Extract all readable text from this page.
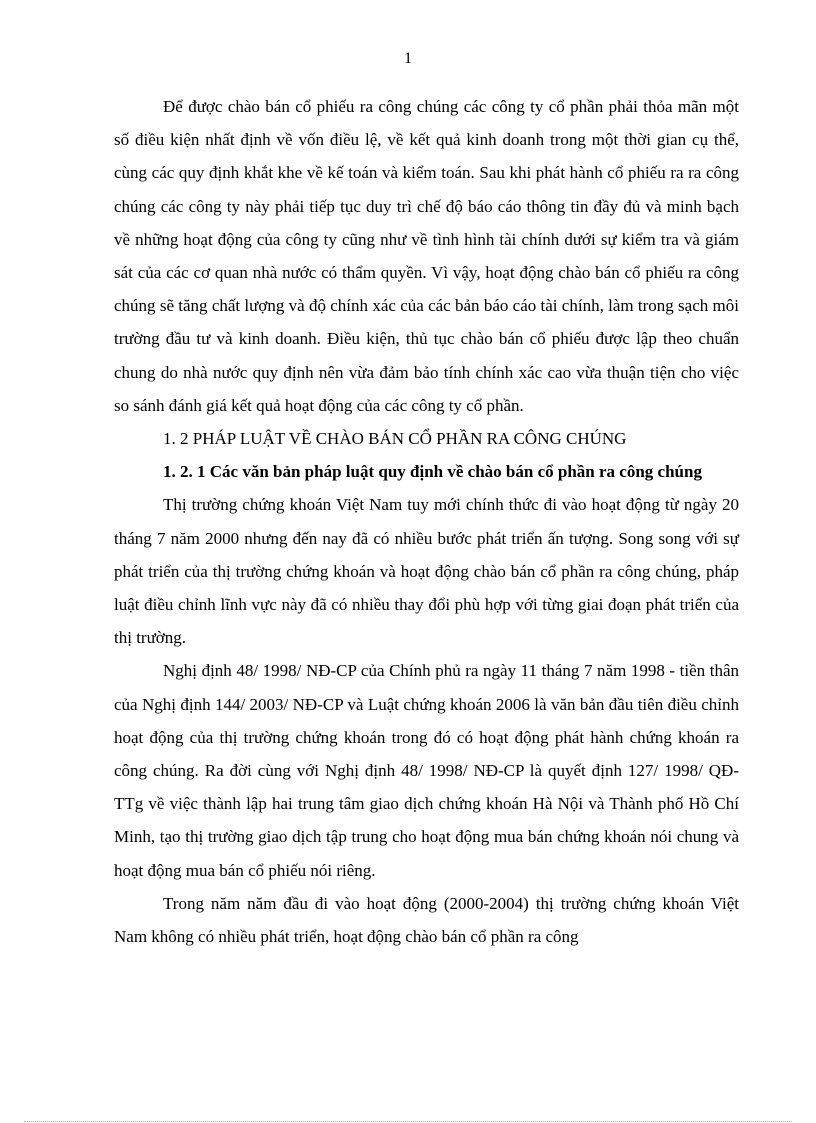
1

Để được chào bán cổ phiếu ra công chúng các công ty cổ phần phải thỏa mãn một số điều kiện nhất định về vốn điều lệ, về kết quả kinh doanh trong một thời gian cụ thể, cùng các quy định khắt khe về kế toán và kiểm toán. Sau khi phát hành cổ phiếu ra ra công chúng các công ty này phải tiếp tục duy trì chế độ báo cáo thông tin đầy đủ và minh bạch về những hoạt động của công ty cũng như về tình hình tài chính dưới sự kiểm tra và giám sát của các cơ quan nhà nước có thẩm quyền. Vì vậy, hoạt động chào bán cổ phiếu ra công chúng sẽ tăng chất lượng và độ chính xác của các bản báo cáo tài chính, làm trong sạch môi trường đầu tư và kinh doanh. Điều kiện, thủ tục chào bán cổ phiếu được lập theo chuẩn chung do nhà nước quy định nên vừa đảm bảo tính chính xác cao vừa thuận tiện cho việc so sánh đánh giá kết quả hoạt động của các công ty cổ phần.

1. 2 PHÁP LUẬT VỀ CHÀO BÁN CỔ PHẦN RA CÔNG CHÚNG

1. 2. 1 Các văn bản pháp luật quy định về chào bán cổ phần ra công chúng

Thị trường chứng khoán Việt Nam tuy mới chính thức đi vào hoạt động từ ngày 20 tháng 7 năm 2000 nhưng đến nay đã có nhiều bước phát triển ấn tượng. Song song với sự phát triển của thị trường chứng khoán và hoạt động chào bán cổ phần ra công chúng, pháp luật điều chỉnh lĩnh vực này đã có nhiều thay đổi phù hợp với từng giai đoạn phát triển của thị trường.

Nghị định 48/ 1998/ NĐ-CP của Chính phủ ra ngày 11 tháng 7 năm 1998 - tiền thân của Nghị định 144/ 2003/ NĐ-CP và Luật chứng khoán 2006 là văn bản đầu tiên điều chỉnh hoạt động của thị trường chứng khoán trong đó có hoạt động phát hành chứng khoán ra công chúng. Ra đời cùng với Nghị định 48/ 1998/ NĐ-CP là quyết định 127/ 1998/ QĐ-TTg về việc thành lập hai trung tâm giao dịch chứng khoán Hà Nội và Thành phố Hồ Chí Minh, tạo thị trường giao dịch tập trung cho hoạt động mua bán chứng khoán nói chung và hoạt động mua bán cổ phiếu nói riêng.

Trong năm năm đầu đi vào hoạt động (2000-2004) thị trường chứng khoán Việt Nam không có nhiều phát triển, hoạt động chào bán cổ phần ra công
